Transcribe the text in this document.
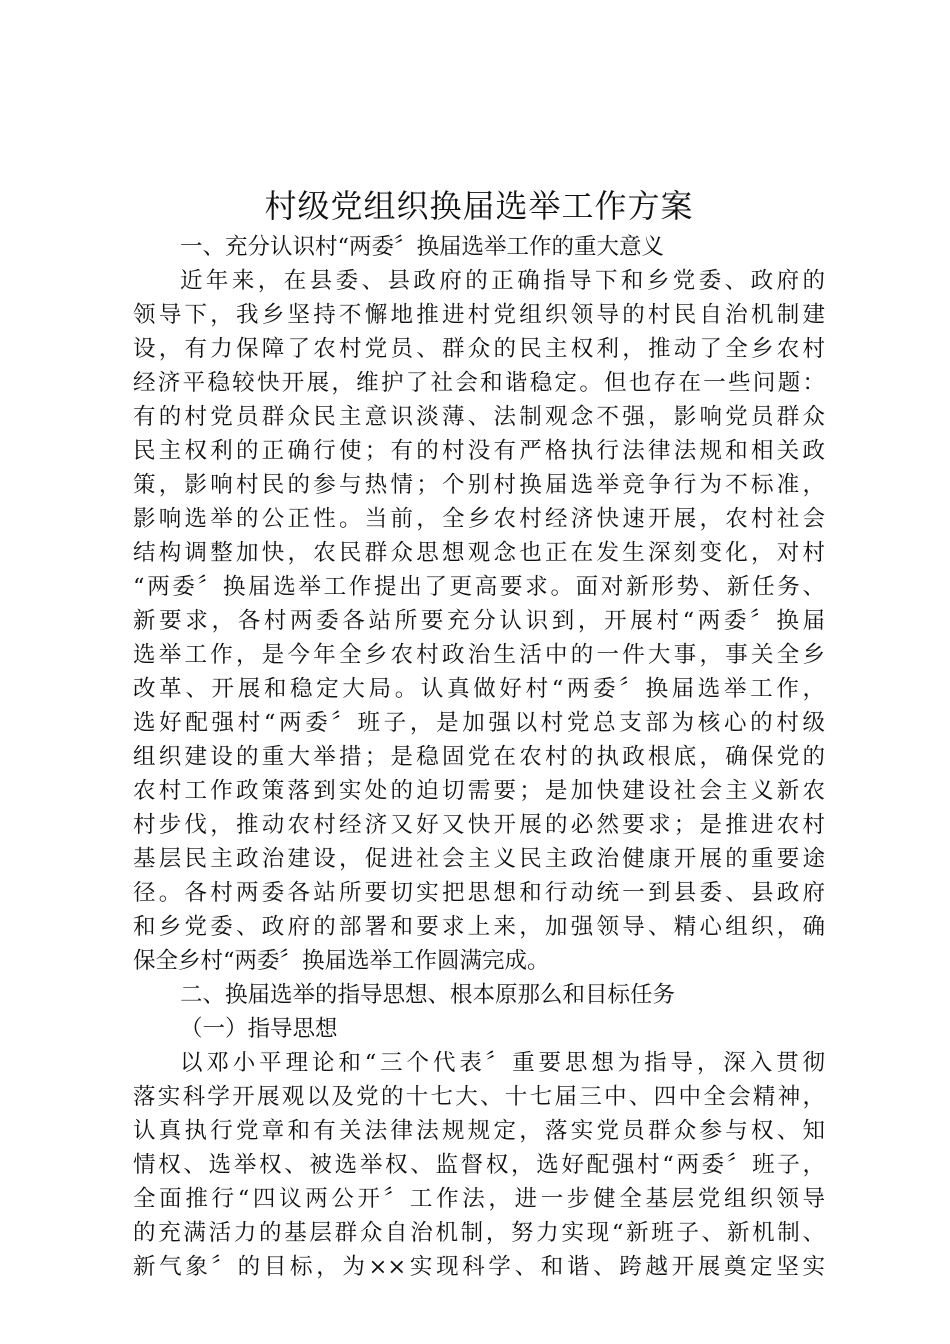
村级党组织换届选举工作方案

一、充分认识村“两委〞换届选举工作的重大意义

近年来，在县委、县政府的正确指导下和乡党委、政府的

领导下，我乡坚持不懈地推进村党组织领导的村民自治机制建

设，有力保障了农村党员、群众的民主权利，推动了全乡农村

经济平稳较快开展，维护了社会和谐稳定。但也存在一些问题：

有的村党员群众民主意识淡薄、法制观念不强，影响党员群众

民主权利的正确行使；有的村没有严格执行法律法规和相关政

策，影响村民的参与热情；个别村换届选举竞争行为不标准，

影响选举的公正性。当前，全乡农村经济快速开展，农村社会

结构调整加快，农民群众思想观念也正在发生深刻变化，对村

“两委〞换届选举工作提出了更高要求。面对新形势、新任务、

新要求，各村两委各站所要充分认识到，开展村“两委〞换届

选举工作，是今年全乡农村政治生活中的一件大事，事关全乡

改革、开展和稳定大局。认真做好村“两委〞换届选举工作，

选好配强村“两委〞班子，是加强以村党总支部为核心的村级

组织建设的重大举措；是稳固党在农村的执政根底，确保党的

农村工作政策落到实处的迫切需要；是加快建设社会主义新农

村步伐，推动农村经济又好又快开展的必然要求；是推进农村

基层民主政治建设，促进社会主义民主政治健康开展的重要途

径。各村两委各站所要切实把思想和行动统一到县委、县政府

和乡党委、政府的部署和要求上来，加强领导、精心组织，确

保全乡村“两委〞换届选举工作圆满完成。

二、换届选举的指导思想、根本原那么和目标任务

（一）指导思想

以邓小平理论和“三个代表〞重要思想为指导，深入贯彻

落实科学开展观以及党的十七大、十七届三中、四中全会精神，

认真执行党章和有关法律法规规定，落实党员群众参与权、知

情权、选举权、被选举权、监督权，选好配强村“两委〞班子，

全面推行“四议两公开〞工作法，进一步健全基层党组织领导

的充满活力的基层群众自治机制，努力实现“新班子、新机制、

新气象〞的目标，为××实现科学、和谐、跨越开展奠定坚实
